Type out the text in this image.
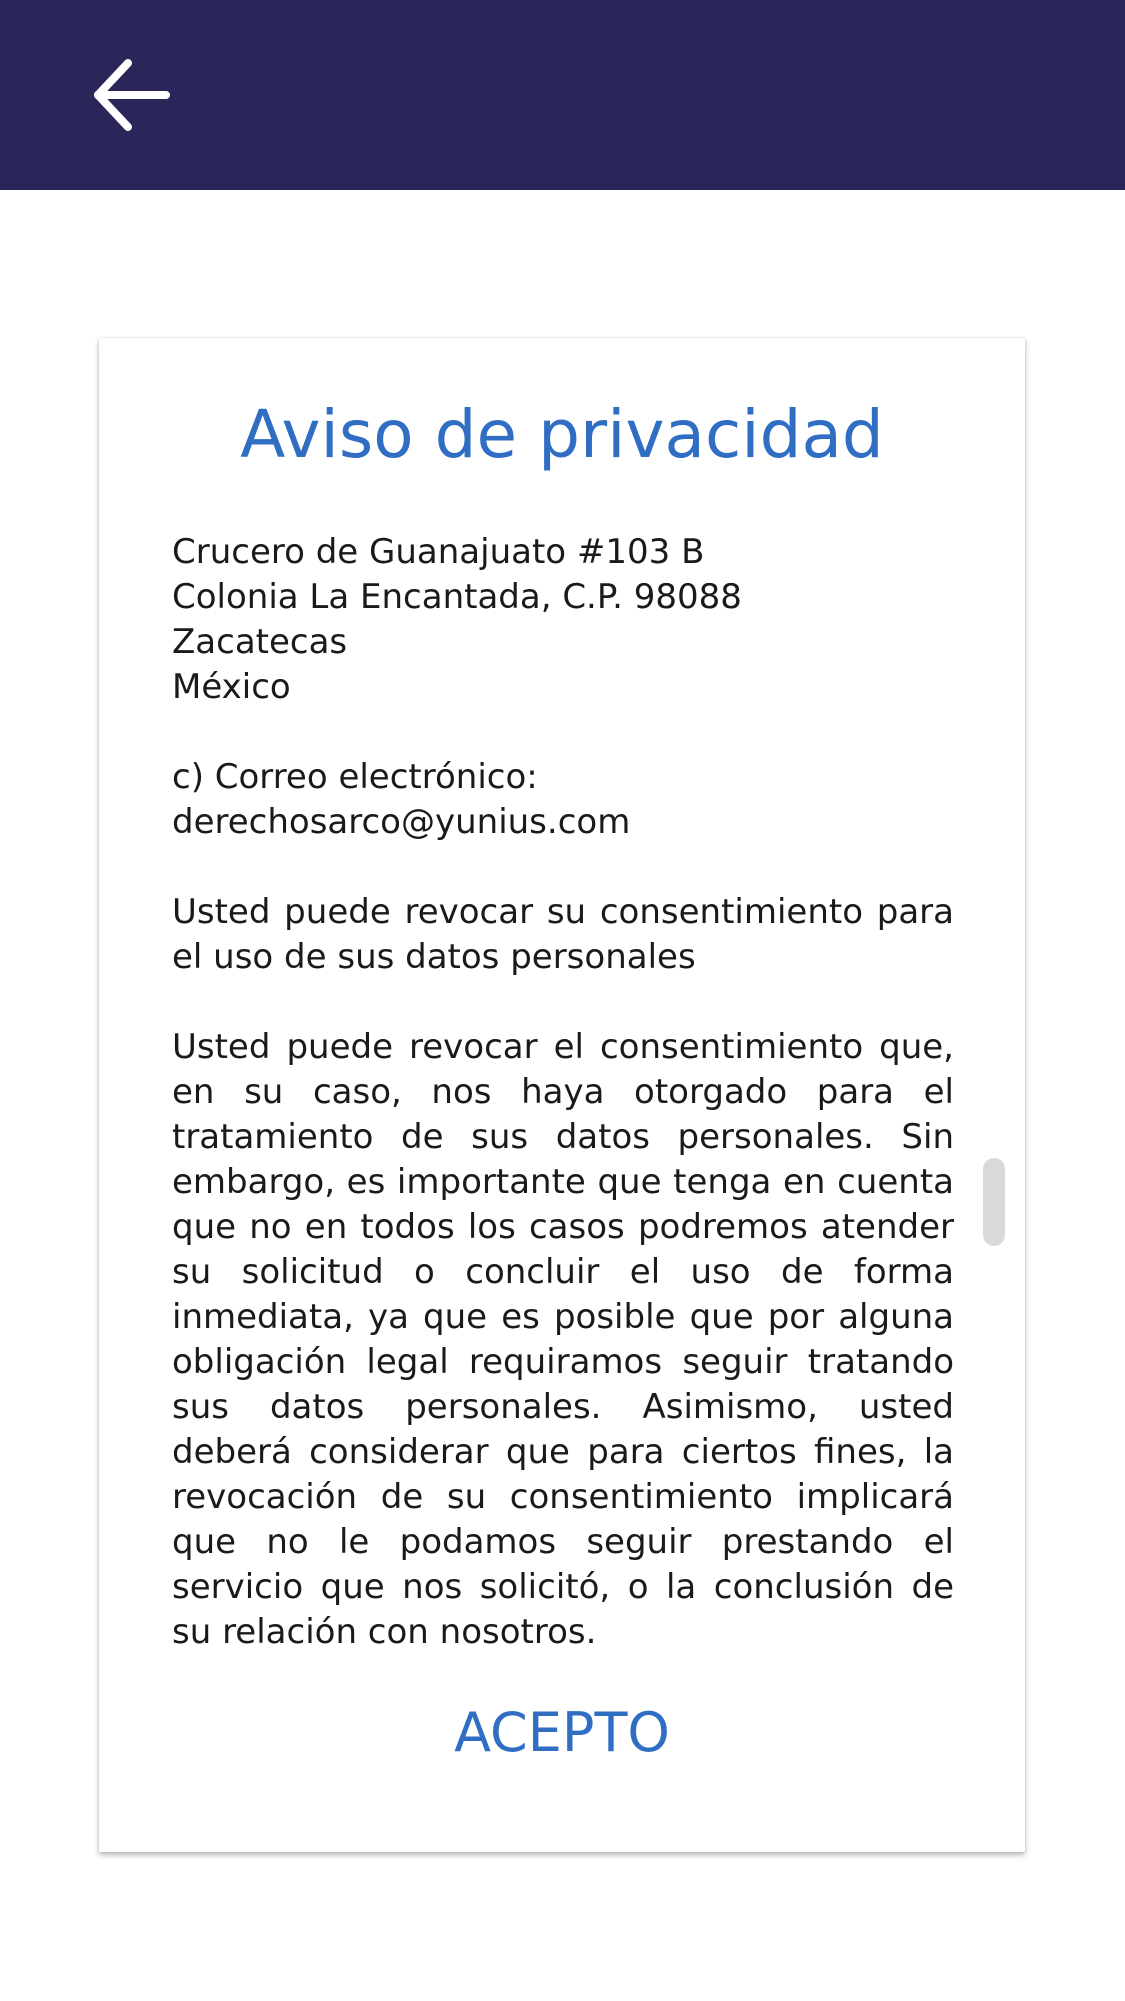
Aviso de privacidad

Crucero de Guanajuato #103 B
Colonia La Encantada, C.P. 98088
Zacatecas
México

c) Correo electrónico:
derechosarco@yunius.com

Usted puede revocar su consentimiento para el uso de sus datos personales

Usted puede revocar el consentimiento que, en su caso, nos haya otorgado para el tratamiento de sus datos personales. Sin embargo, es importante que tenga en cuenta que no en todos los casos podremos atender su solicitud o concluir el uso de forma inmediata, ya que es posible que por alguna obligación legal requiramos seguir tratando sus datos personales. Asimismo, usted deberá considerar que para ciertos fines, la revocación de su consentimiento implicará que no le podamos seguir prestando el servicio que nos solicitó, o la conclusión de su relación con nosotros.

ACEPTO
